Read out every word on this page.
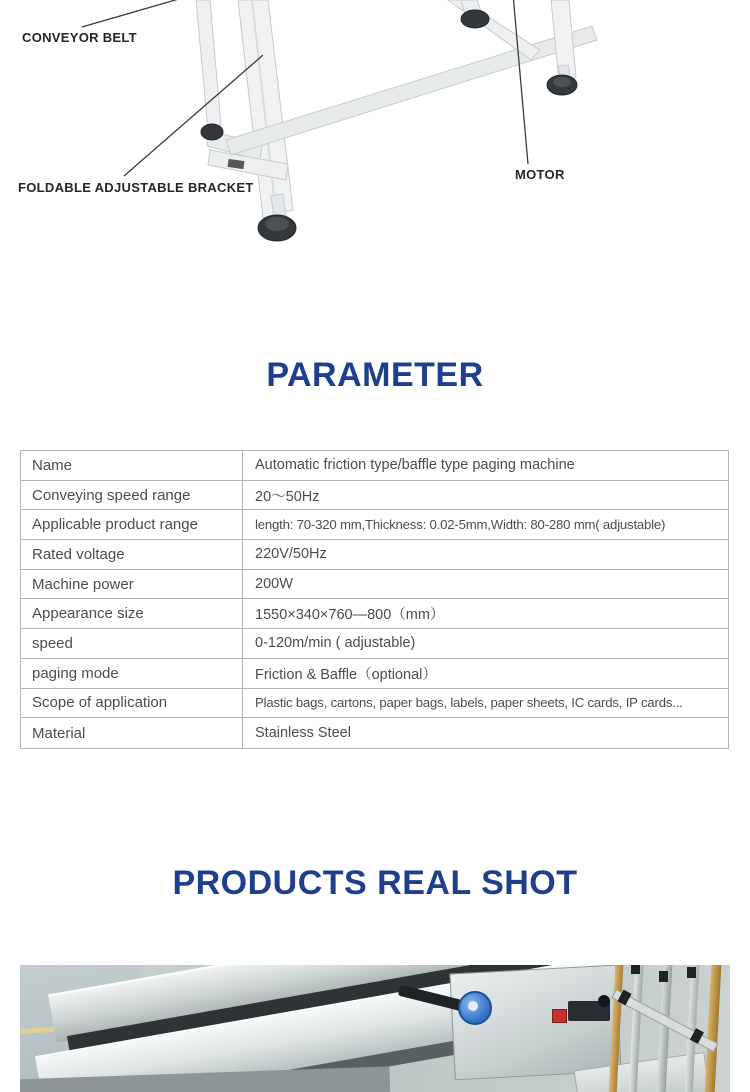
CONVEYOR BELT
FOLDABLE ADJUSTABLE BRACKET
MOTOR
PARAMETER
Name	Automatic friction type/baffle type paging machine
Conveying speed range	20～50Hz
Applicable product range	length: 70-320 mm,Thickness: 0.02-5mm,Width: 80-280 mm( adjustable)
Rated voltage	220V/50Hz
Machine power	200W
Appearance size	1550×340×760—800（mm）
speed	0-120m/min ( adjustable)
paging mode	Friction & Baffle（optional）
Scope of application	Plastic bags, cartons, paper bags, labels, paper sheets, IC cards, IP cards...
Material	Stainless Steel
PRODUCTS REAL SHOT
